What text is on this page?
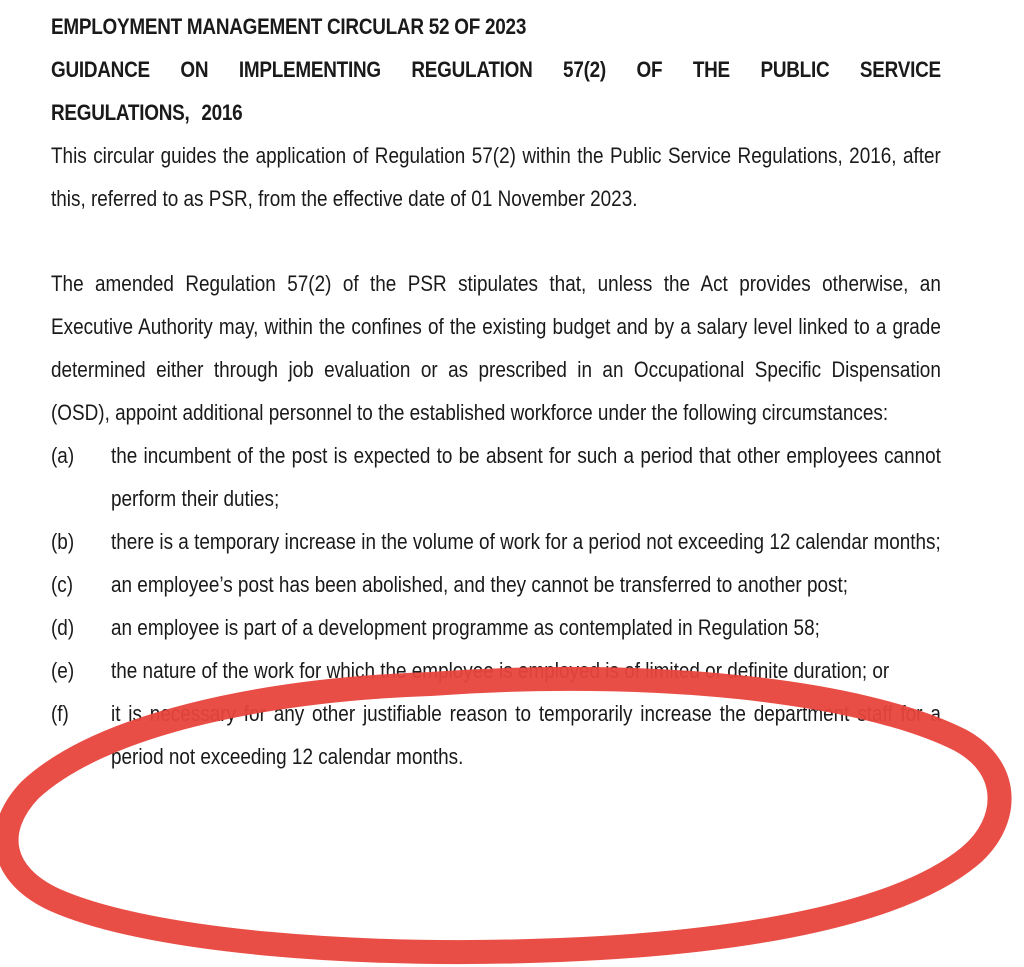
EMPLOYMENT MANAGEMENT CIRCULAR 52 OF 2023

GUIDANCE ON IMPLEMENTING REGULATION 57(2) OF THE PUBLIC SERVICE REGULATIONS, 2016

This circular guides the application of Regulation 57(2) within the Public Service Regulations, 2016, after this, referred to as PSR, from the effective date of 01 November 2023.

The amended Regulation 57(2) of the PSR stipulates that, unless the Act provides otherwise, an Executive Authority may, within the confines of the existing budget and by a salary level linked to a grade determined either through job evaluation or as prescribed in an Occupational Specific Dispensation (OSD), appoint additional personnel to the established workforce under the following circumstances:

(a)	the incumbent of the post is expected to be absent for such a period that other employees cannot perform their duties;
(b)	there is a temporary increase in the volume of work for a period not exceeding 12 calendar months;
(c)	an employee’s post has been abolished, and they cannot be transferred to another post;
(d)	an employee is part of a development programme as contemplated in Regulation 58;
(e)	the nature of the work for which the employee is employed is of limited or definite duration; or
(f)	it is necessary for any other justifiable reason to temporarily increase the department staff for a period not exceeding 12 calendar months.
